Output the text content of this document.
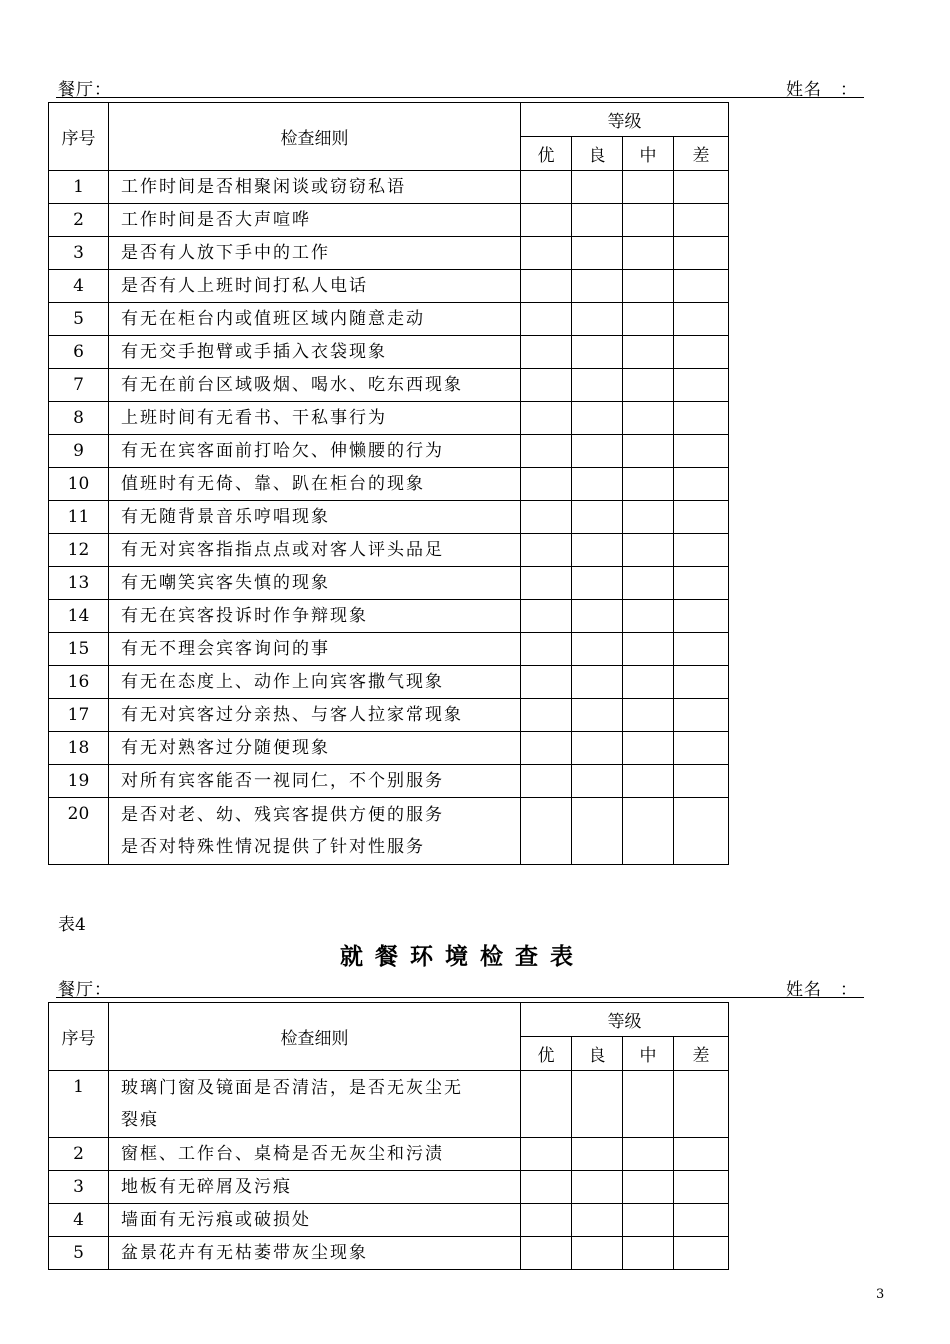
餐厅：	姓名　：
序号	检查细则	等级			
		优	良	中	差
1	工作时间是否相聚闲谈或窃窃私语				

2	工作时间是否大声喧哗				

3	是否有人放下手中的工作				

4	是否有人上班时间打私人电话				

5	有无在柜台内或值班区域内随意走动				

6	有无交手抱臂或手插入衣袋现象				

7	有无在前台区域吸烟、喝水、吃东西现象				

8	上班时间有无看书、干私事行为				

9	有无在宾客面前打哈欠、伸懒腰的行为				

10	值班时有无倚、靠、趴在柜台的现象				

11	有无随背景音乐哼唱现象				

12	有无对宾客指指点点或对客人评头品足				

13	有无嘲笑宾客失慎的现象				

14	有无在宾客投诉时作争辩现象				

15	有无不理会宾客询问的事				

16	有无在态度上、动作上向宾客撒气现象				

17	有无对宾客过分亲热、与客人拉家常现象				

18	有无对熟客过分随便现象				

19	对所有宾客能否一视同仁，不个别服务				

20	是否对老、幼、残宾客提供方便的服务
是否对特殊性情况提供了针对性服务				

表4
就餐环境检查表
餐厅：	姓名　：
序号	检查细则	等级			
		优	良	中	差
1	玻璃门窗及镜面是否清洁，是否无灰尘无
裂痕				

2	窗框、工作台、桌椅是否无灰尘和污渍				

3	地板有无碎屑及污痕				

4	墙面有无污痕或破损处				

5	盆景花卉有无枯萎带灰尘现象				

3
